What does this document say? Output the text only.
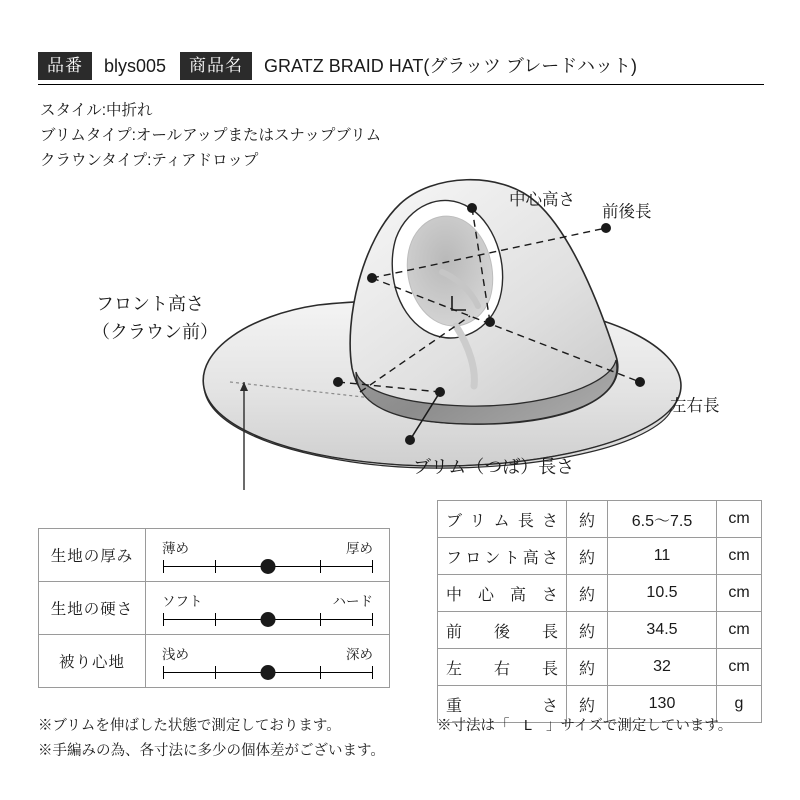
品番	blys005	商品名	GRATZ BRAID HAT(グラッツ ブレードハット)
スタイル:中折れ
ブリムタイプ:オールアップまたはスナップブリム
クラウンタイプ:ティアドロップ
中心高さ
前後長
フロント高さ
（クラウン前）
左右長
ブリム（つば）長さ
生地の厚み	薄め 厚め

生地の硬さ	ソフト ハード

被り心地	浅め 深め
ブリム長さ	約	6.5〜7.5	cm
フロント高さ	約	11	cm
中心高さ	約	10.5	cm
前後長	約	34.5	cm
左右長	約	32	cm
重さ	約	130	g
※ブリムを伸ばした状態で測定しております。
※手編みの為、各寸法に多少の個体差がございます。
※寸法は「　L　」サイズで測定しています。
